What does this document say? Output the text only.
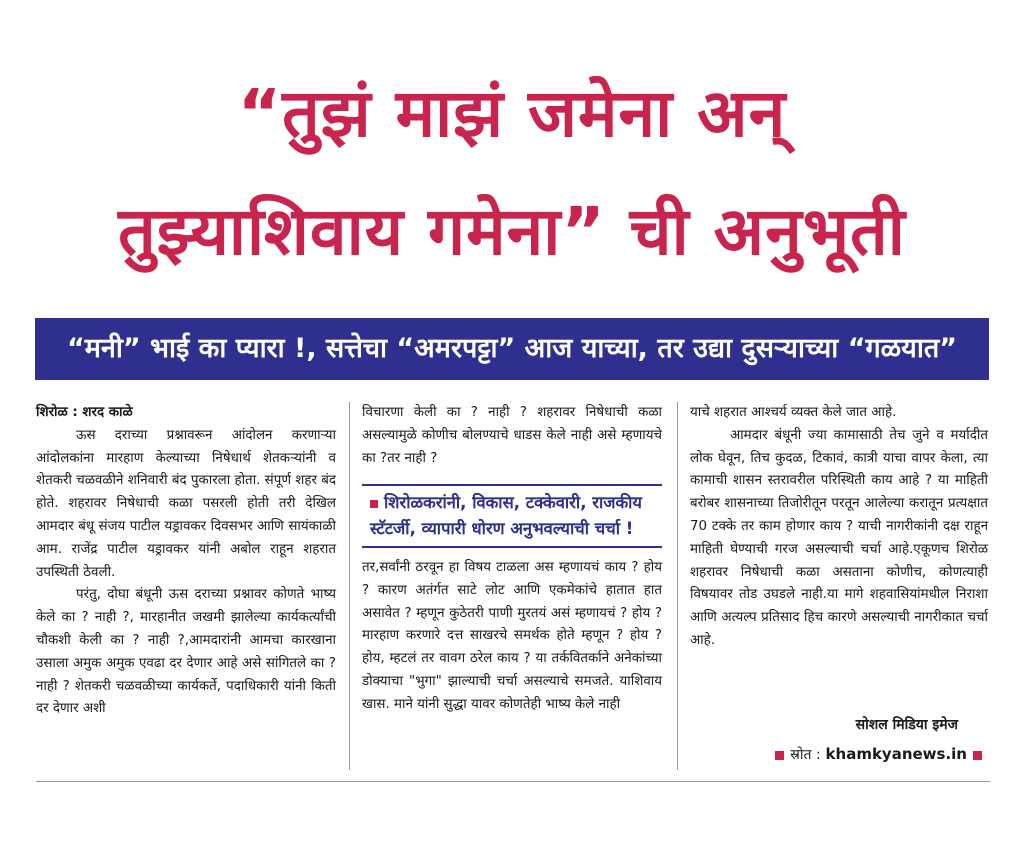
“तुझं माझं जमेना अन्
तुझ्याशिवाय गमेना” ची अनुभूती
“मनी” भाई का प्यारा !, सत्तेचा “अमरपट्टा” आज याच्या, तर उद्या दुसऱ्याच्या “गळयात”

शिरोळ : शरद काळे

ऊस दराच्या प्रश्नावरून आंदोलन करणाऱ्या आंदोलकांना मारहाण केल्याच्या निषेधार्थ शेतकऱ्यांनी व शेतकरी चळवळीने शनिवारी बंद पुकारला होता. संपूर्ण शहर बंद होते. शहरावर निषेधाची कळा पसरली होती तरी देखिल आमदार बंधू संजय पाटील यड्रावकर दिवसभर आणि सायंकाळी आम. राजेंद्र पाटील यड्रावकर यांनी अबोल राहून शहरात उपस्थिती ठेवली.

परंतु, दोघा बंधूनी ऊस दराच्या प्रश्नावर कोणते भाष्य केले का ? नाही ?, मारहानीत जखमी झालेल्या कार्यकर्त्यांची चौकशी केली का ? नाही ?,आमदारांनी आमचा कारखाना उसाला अमुक अमुक एवढा दर देणार आहे असे सांगितले का ? नाही ? शेतकरी चळवळीच्या कार्यकर्ते, पदाधिकारी यांनी किती दर देणार अशी

विचारणा केली का ? नाही ? शहरावर निषेधाची कळा असल्यामुळे कोणीच बोलण्याचे धाडस केले नाही असे म्हणायचे का ?तर नाही ?

शिरोळकरांनी, विकास, टक्केवारी, राजकीय स्टॅटर्जी, व्यापारी धोरण अनुभवल्याची चर्चा !

तर,सर्वांनी ठरवून हा विषय टाळला अस म्हणायचं काय ? होय ? कारण अतंर्गत साटे लोट आणि एकमेकांचे हातात हात असावेत ? म्हणून कुठेतरी पाणी मुरतयं असं म्हणायचं ? होय ? मारहाण करणारे दत्त साखरचे समर्थक होते म्हणून ? होय ? होय, म्हटलं तर वावग ठरेल काय ? या तर्कवितर्काने अनेकांच्या डोक्याचा "भुगा" झाल्याची चर्चा असल्याचे समजते. याशिवाय खास. माने यांनी सुद्धा यावर कोणतेही भाष्य केले नाही

याचे शहरात आश्चर्य व्यक्त केले जात आहे.

आमदार बंधूनी ज्या कामासाठी तेच जुने व मर्यादीत लोक घेवून, तिच कुदळ, टिकावं, कात्री याचा वापर केला, त्या कामाची शासन स्तरावरील परिस्थिती काय आहे ? या माहिती बरोबर शासनाच्या तिजोरीतून परतून आलेल्या करातून प्रत्यक्षात 70 टक्के तर काम होणार काय ? याची नागरीकांनी दक्ष राहून माहिती घेण्याची गरज असल्याची चर्चा आहे.एकूणच शिरोळ शहरावर निषेधाची कळा असताना कोणीच, कोणत्याही विषयावर तोड उघडले नाही.या मागे शहवासियांमधील निराशा आणि अत्यल्प प्रतिसाद हिच कारणे असल्याची नागरीकात चर्चा आहे.

सोशल मिडिया इमेज
स्रोत : khamkyanews.in
